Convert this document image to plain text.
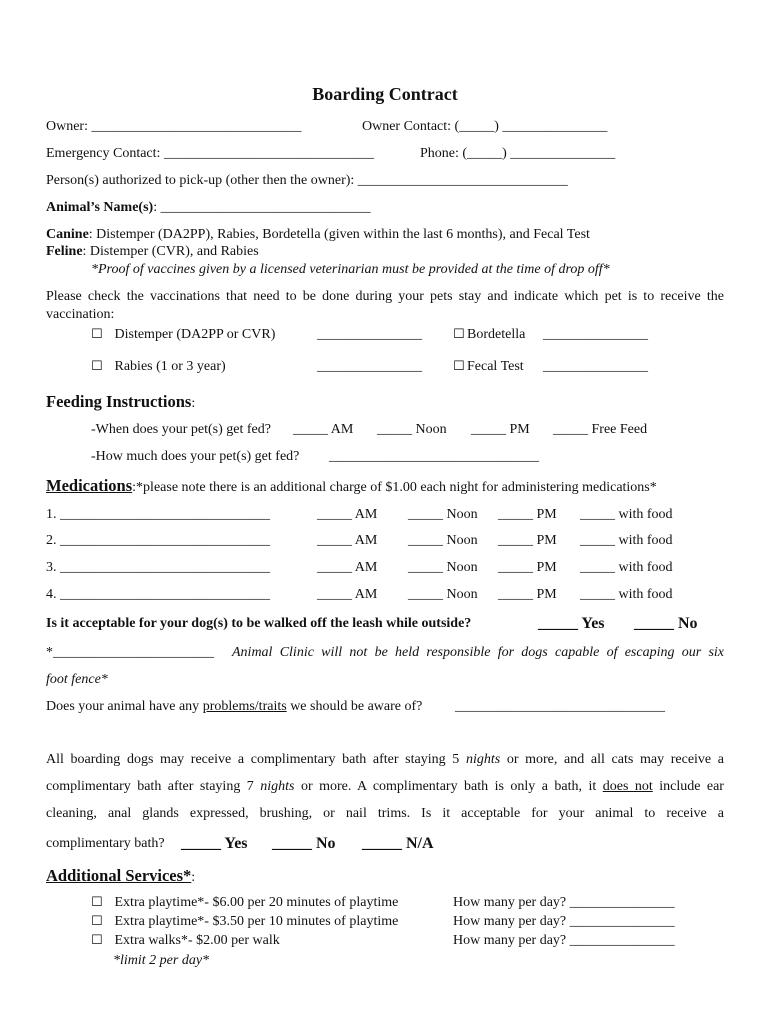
Boarding Contract
Owner: ______________________________	Owner Contact: (_____) _______________
Emergency Contact: ______________________________	Phone: (_____) _______________
Person(s) authorized to pick-up (other then the owner): ______________________________
Animal’s Name(s): ______________________________
Canine: Distemper (DA2PP), Rabies, Bordetella (given within the last 6 months), and Fecal Test
Feline: Distemper (CVR), and Rabies
*Proof of vaccines given by a licensed veterinarian must be provided at the time of drop off*
Please check the vaccinations that need to be done during your pets stay and indicate which pet is to receive the
vaccination:
☐ Distemper (DA2PP or CVR)	_______________ ☐ Bordetella _______________
☐ Rabies (1 or 3 year)	_______________ ☐ Fecal Test _______________
Feeding Instructions:
-When does your pet(s) get fed? _____ AM _____ Noon _____ PM _____ Free Feed
-How much does your pet(s) get fed? ______________________________
Medications:*please note there is an additional charge of $1.00 each night for administering medications*
1. ______________________________	_____ AM _____ Noon _____ PM _____ with food
2. ______________________________	_____ AM _____ Noon _____ PM _____ with food
3. ______________________________	_____ AM _____ Noon _____ PM _____ with food
4. ______________________________	_____ AM _____ Noon _____ PM _____ with food
Is it acceptable for your dog(s) to be walked off the leash while outside?	_____ Yes _____ No
*_______________________ Animal Clinic will not be held responsible for dogs capable of escaping our six
foot fence*
Does your animal have any problems/traits we should be aware of? ______________________________
All boarding dogs may receive a complimentary bath after staying 5 nights or more, and all cats may receive a
complimentary bath after staying 7 nights or more. A complimentary bath is only a bath, it does not include ear
cleaning, anal glands expressed, brushing, or nail trims. Is it acceptable for your animal to receive a
complimentary bath? _____ Yes _____ No _____ N/A
Additional Services*:
☐ Extra playtime*- $6.00 per 20 minutes of playtime	How many per day? _______________
☐ Extra playtime*- $3.50 per 10 minutes of playtime	How many per day? _______________
☐ Extra walks*- $2.00 per walk	How many per day? _______________
*limit 2 per day*
